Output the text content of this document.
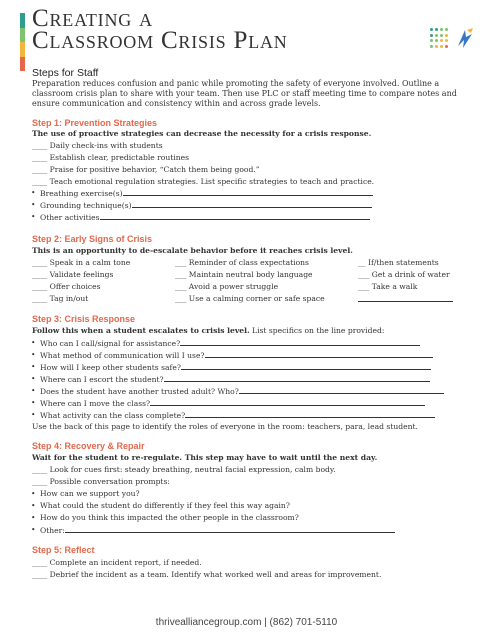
Creating a
Classroom Crisis Plan
Steps for Staff
Preparation reduces confusion and panic while promoting the safety of everyone involved. Outline a classroom crisis plan to share with your team. Then use PLC or staff meeting time to compare notes and ensure communication and consistency within and across grade levels.
Step 1: Prevention Strategies
The use of proactive strategies can decrease the necessity for a crisis response.
____ Daily check-ins with students
____ Establish clear, predictable routines
____ Praise for positive behavior, “Catch them being good.”
____ Teach emotional regulation strategies. List specific strategies to teach and practice.
• Breathing exercise(s)
• Grounding technique(s)
• Other activities
Step 2: Early Signs of Crisis
This is an opportunity to de-escalate behavior before it reaches crisis level.
____ Speak in a calm tone
____ Validate feelings
____ Offer choices
____ Tag in/out
___ Reminder of class expectations
___ Maintain neutral body language
___ Avoid a power struggle
___ Use a calming corner or safe space
__ If/then statements
___ Get a drink of water
___ Take a walk
Step 3: Crisis Response
Follow this when a student escalates to crisis level. List specifics on the line provided:
• Who can I call/signal for assistance?
• What method of communication will I use?
• How will I keep other students safe?
• Where can I escort the student?
• Does the student have another trusted adult? Who?
• Where can I move the class?
• What activity can the class complete?
Use the back of this page to identify the roles of everyone in the room: teachers, para, lead student.
Step 4: Recovery & Repair
Wait for the student to re-regulate. This step may have to wait until the next day.
____ Look for cues first: steady breathing, neutral facial expression, calm body.
____ Possible conversation prompts:
• How can we support you?
• What could the student do differently if they feel this way again?
• How do you think this impacted the other people in the classroom?
• Other:
Step 5: Reflect
____ Complete an incident report, if needed.
____ Debrief the incident as a team. Identify what worked well and areas for improvement.
thrivealliancegroup.com | (862) 701-5110
